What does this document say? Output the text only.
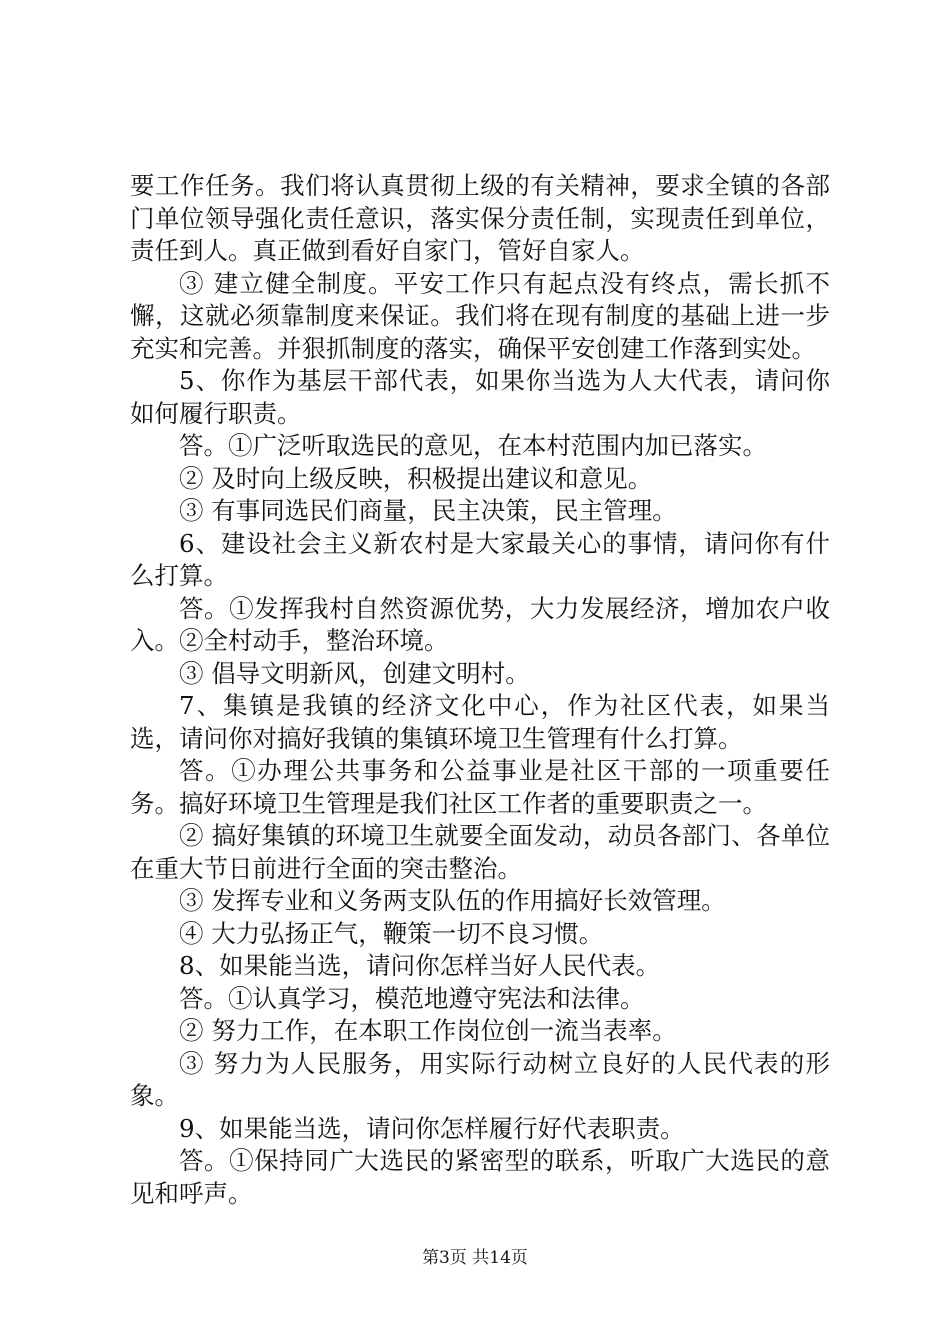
要工作任务。我们将认真贯彻上级的有关精神，要求全镇的各部门单位领导强化责任意识，落实保分责任制，实现责任到单位，责任到人。真正做到看好自家门，管好自家人。

③ 建立健全制度。平安工作只有起点没有终点，需长抓不懈，这就必须靠制度来保证。我们将在现有制度的基础上进一步充实和完善。并狠抓制度的落实，确保平安创建工作落到实处。

5、你作为基层干部代表，如果你当选为人大代表，请问你如何履行职责。

答。①广泛听取选民的意见，在本村范围内加已落实。

② 及时向上级反映，积极提出建议和意见。

③ 有事同选民们商量，民主决策，民主管理。

6、建设社会主义新农村是大家最关心的事情，请问你有什么打算。

答。①发挥我村自然资源优势，大力发展经济，增加农户收入。②全村动手，整治环境。

③ 倡导文明新风，创建文明村。

7、集镇是我镇的经济文化中心，作为社区代表，如果当选，请问你对搞好我镇的集镇环境卫生管理有什么打算。

答。①办理公共事务和公益事业是社区干部的一项重要任务。搞好环境卫生管理是我们社区工作者的重要职责之一。

② 搞好集镇的环境卫生就要全面发动，动员各部门、各单位在重大节日前进行全面的突击整治。

③ 发挥专业和义务两支队伍的作用搞好长效管理。

④ 大力弘扬正气，鞭策一切不良习惯。

8、如果能当选，请问你怎样当好人民代表。

答。①认真学习，模范地遵守宪法和法律。

② 努力工作，在本职工作岗位创一流当表率。

③ 努力为人民服务，用实际行动树立良好的人民代表的形象。

9、如果能当选，请问你怎样履行好代表职责。

答。①保持同广大选民的紧密型的联系，听取广大选民的意见和呼声。

第3页 共14页
